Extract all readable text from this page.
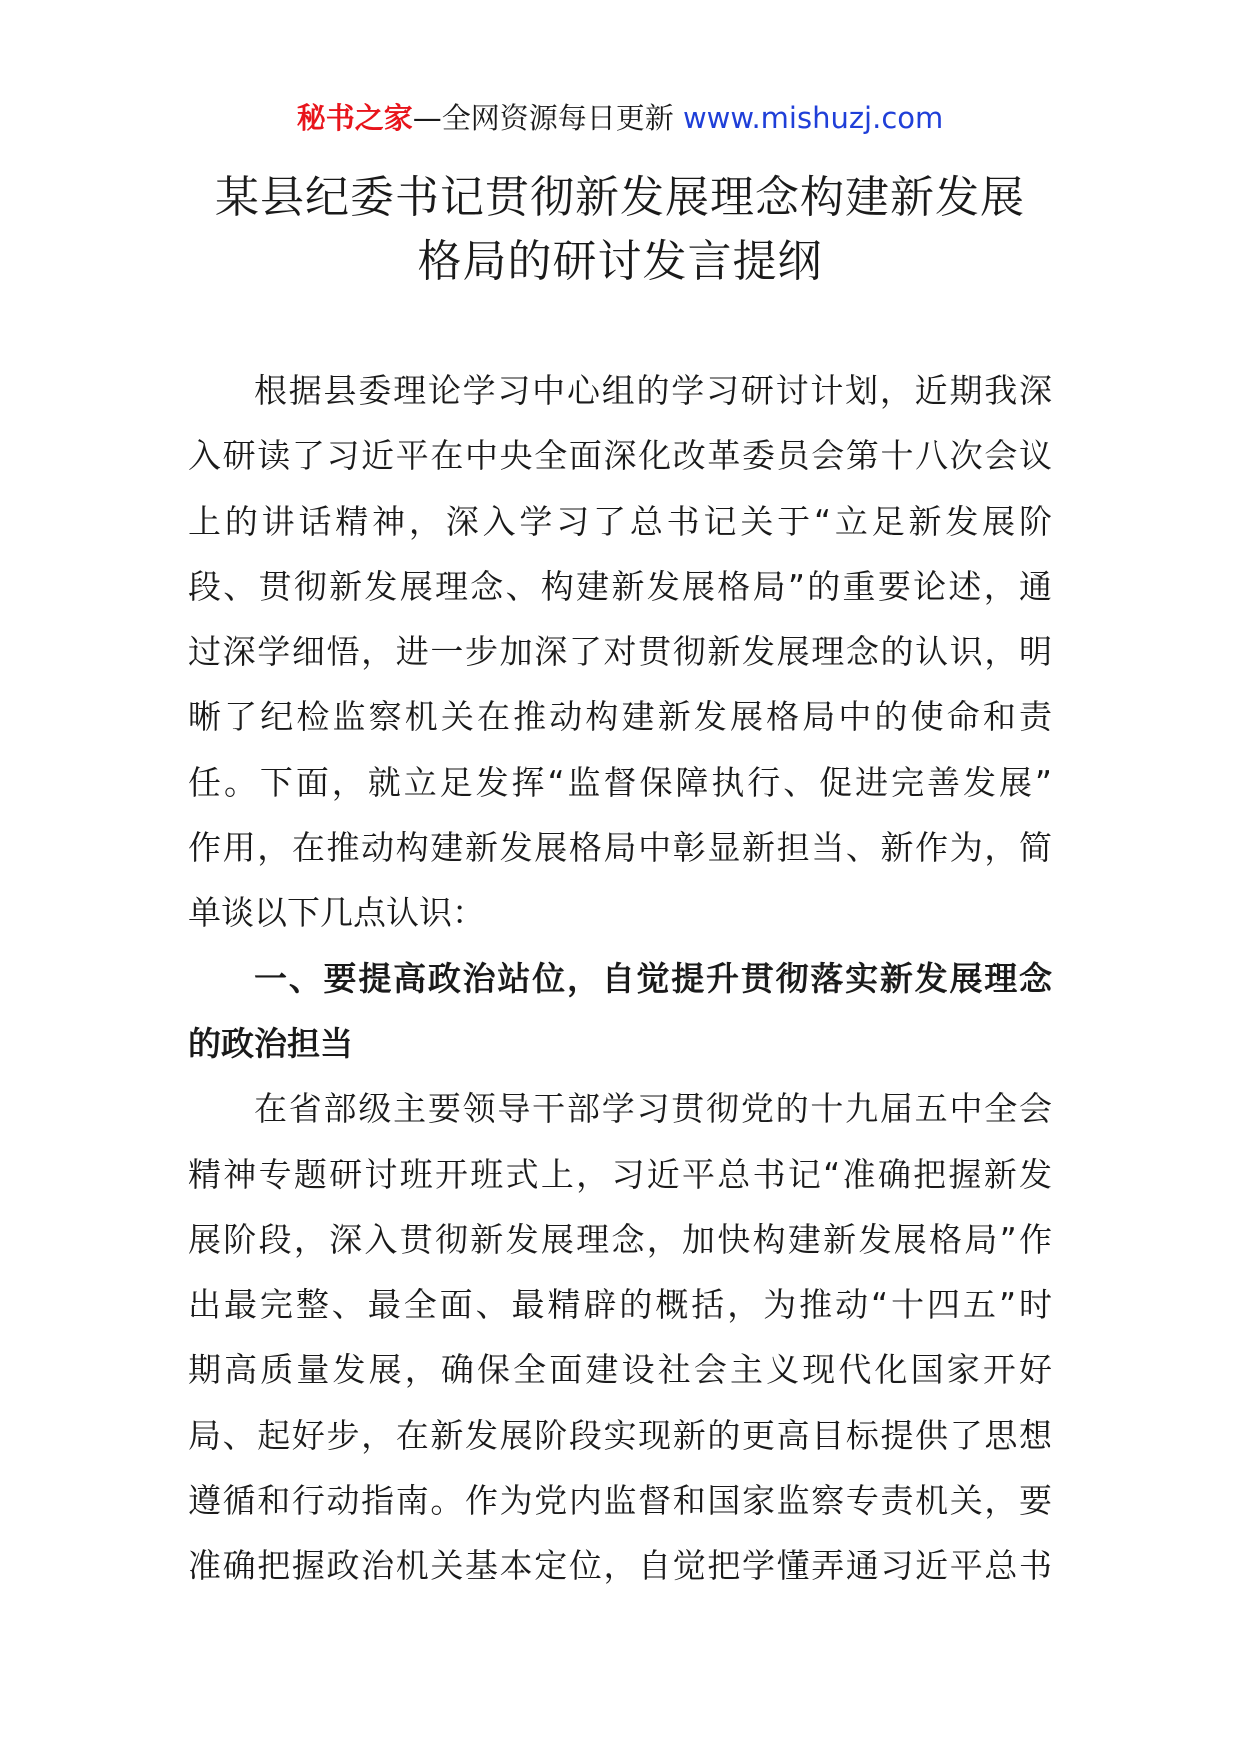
秘书之家—全网资源每日更新 www.mishuzj.com
某县纪委书记贯彻新发展理念构建新发展
格局的研讨发言提纲
根据县委理论学习中心组的学习研讨计划，近期我深
入研读了习近平在中央全面深化改革委员会第十八次会议
上的讲话精神，深入学习了总书记关于“立足新发展阶
段、贯彻新发展理念、构建新发展格局”的重要论述，通
过深学细悟，进一步加深了对贯彻新发展理念的认识，明
晰了纪检监察机关在推动构建新发展格局中的使命和责
任。下面，就立足发挥“监督保障执行、促进完善发展”
作用，在推动构建新发展格局中彰显新担当、新作为，简
单谈以下几点认识：
一、要提高政治站位，自觉提升贯彻落实新发展理念
的政治担当
在省部级主要领导干部学习贯彻党的十九届五中全会
精神专题研讨班开班式上，习近平总书记“准确把握新发
展阶段，深入贯彻新发展理念，加快构建新发展格局”作
出最完整、最全面、最精辟的概括，为推动“十四五”时
期高质量发展，确保全面建设社会主义现代化国家开好
局、起好步，在新发展阶段实现新的更高目标提供了思想
遵循和行动指南。作为党内监督和国家监察专责机关，要
准确把握政治机关基本定位，自觉把学懂弄通习近平总书
